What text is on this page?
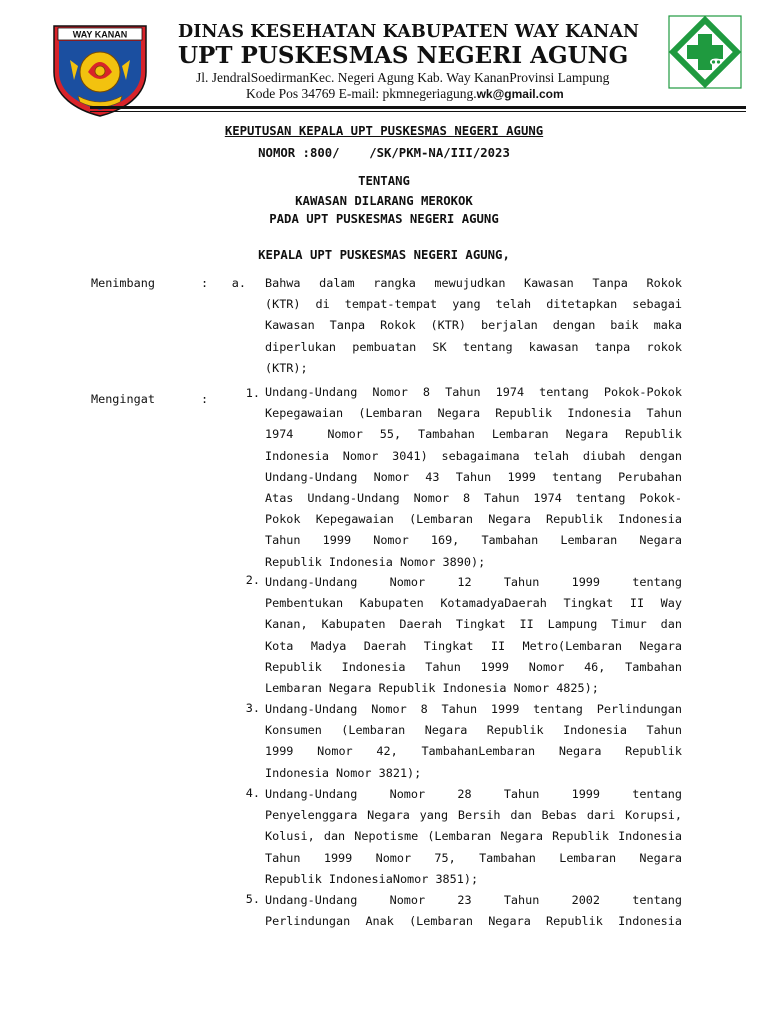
WAY KANAN	DINAS KESEHATAN KABUPATEN WAY KANAN
UPT PUSKESMAS NEGERI AGUNG
Jl. JendralSoedirmanKec. Negeri Agung Kab. Way KananProvinsi Lampung
Kode Pos 34769 E-mail: pkmnegeriagung.wk@gmail.com
KEPUTUSAN KEPALA UPT PUSKESMAS NEGERI AGUNG
NOMOR :800/    /SK/PKM-NA/III/2023
TENTANG
KAWASAN DILARANG MEROKOK
PADA UPT PUSKESMAS NEGERI AGUNG
KEPALA UPT PUSKESMAS NEGERI AGUNG,
Menimbang	:	a. Bahwa dalam rangka mewujudkan Kawasan Tanpa Rokok
(KTR) di tempat-tempat yang telah ditetapkan sebagai
Kawasan Tanpa Rokok (KTR) berjalan dengan baik maka
diperlukan pembuatan SK tentang kawasan tanpa rokok
(KTR);
Mengingat	:	1. Undang-Undang Nomor 8 Tahun 1974 tentang Pokok-Pokok
Kepegawaian (Lembaran Negara Republik Indonesia Tahun
1974  Nomor 55, Tambahan Lembaran Negara Republik
Indonesia Nomor 3041) sebagaimana telah diubah dengan
Undang-Undang Nomor 43 Tahun 1999 tentang Perubahan
Atas Undang-Undang Nomor 8 Tahun 1974 tentang Pokok-
Pokok Kepegawaian (Lembaran Negara Republik Indonesia
Tahun 1999 Nomor 169, Tambahan Lembaran Negara
Republik Indonesia Nomor 3890);
2. Undang-Undang Nomor 12 Tahun 1999 tentang
Pembentukan Kabupaten KotamadyaDaerah Tingkat II Way
Kanan, Kabupaten Daerah Tingkat II Lampung Timur dan
Kota Madya Daerah Tingkat II Metro(Lembaran Negara
Republik Indonesia Tahun 1999 Nomor 46, Tambahan
Lembaran Negara Republik Indonesia Nomor 4825);
3. Undang-Undang Nomor 8 Tahun 1999 tentang Perlindungan
Konsumen (Lembaran Negara Republik Indonesia Tahun
1999 Nomor 42, TambahanLembaran Negara Republik
Indonesia Nomor 3821);
4. Undang-Undang Nomor 28 Tahun 1999 tentang
Penyelenggara Negara yang Bersih dan Bebas dari Korupsi,
Kolusi, dan Nepotisme (Lembaran Negara Republik Indonesia
Tahun 1999 Nomor 75, Tambahan Lembaran Negara
Republik IndonesiaNomor 3851);
5. Undang-Undang Nomor 23 Tahun 2002 tentang
Perlindungan Anak (Lembaran Negara Republik Indonesia
